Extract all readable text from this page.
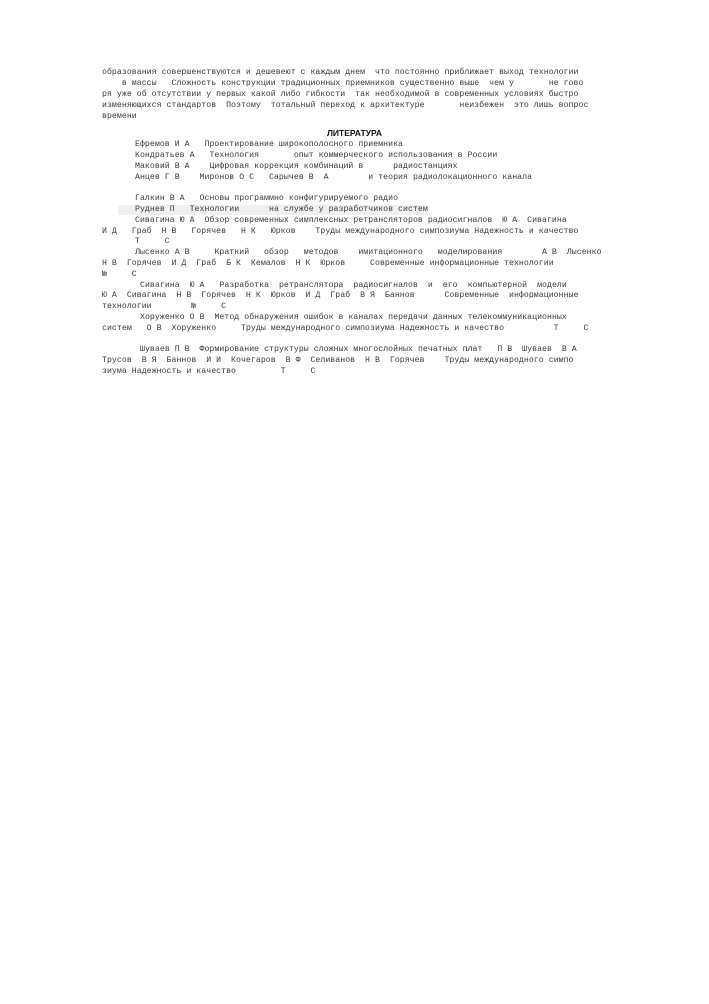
образования совершенствуются и дешевеют с каждым днем  что постоянно приближает выход технологии
в массы   Сложность конструкции традиционных приемников существенно выше  чем у       не гово
ря уже об отсутствии у первых какой либо гибкости  так необходимой в современных условиях быстро
изменяющихся стандартов  Поэтому  тотальный переход к архитектуре       неизбежен  это лишь вопрос
времени
ЛИТЕРАТУРА
Ефремов И А   Проектирование широкополосного приемника
Кондратьев А   Технология       опыт коммерческого использования в России
Маковий В А    Цифровая коррекция комбинаций в      радиостанциях
Анцев Г В    Миронов О С   Сарычев В  А        и теория радиолокационного канала
Галкин В А   Основы программно конфигурируемого радио
Руднев П   Технологии      на службе у разработчиков систем
Сивагина Ю А  Обзор современных симплексных ретрансляторов радиосигналов  Ю А  Сивагина
И Д   Граб  Н В   Горячев   Н К   Юрков    Труды международного симпозиума Надежность и качество
Т     С
Лысенко А В     Краткий   обзор   методов    имитационного   моделирования        А В  Лысенко
Н В  Горячев  И Д  Граб  Б К  Кемалов  Н К  Юрков     Современные информационные технологии
№     С
Сивагина  Ю А   Разработка  ретранслятора  радиосигналов  и  его  компьютерной  модели
Ю А  Сивагина  Н В  Горячев  Н К  Юрков  И Д  Граб  В Я  Баннов      Современные  информационные
технологии        №     С
Хоруженко О В  Метод обнаружения ошибок в каналах передачи данных телекоммуникационных
систем   О В  Хоруженко     Труды международного симпозиума Надежность и качество          Т     С
Шуваев П В  Формирование структуры сложных многослойных печатных плат   П В  Шуваев  В А
Трусов  В Я  Баннов  И И  Кочегаров  В Ф  Селиванов  Н В  Горячев    Труды международного симпо
зиума Надежность и качество         Т     С
